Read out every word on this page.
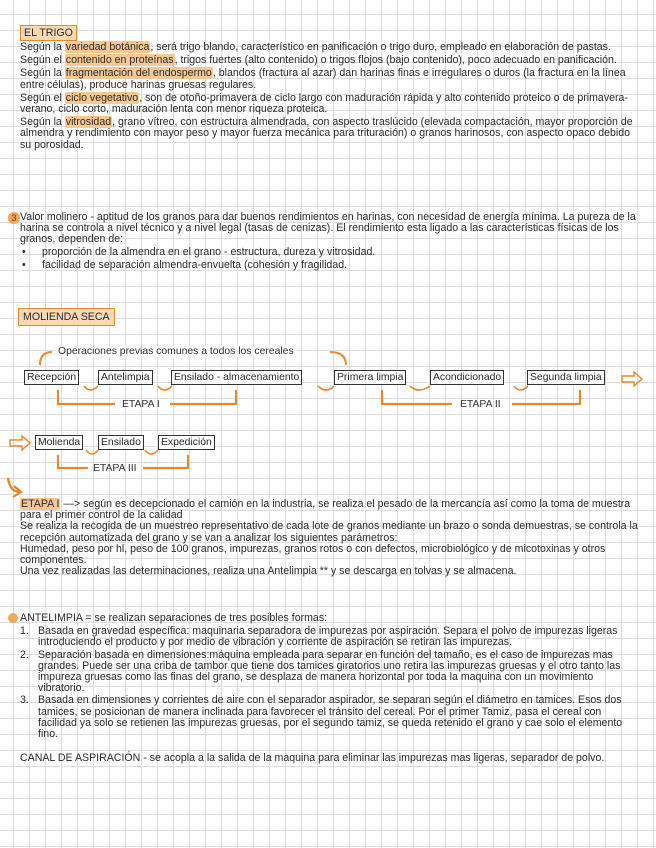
EL TRIGO

Según la variedad botánica, será trigo blando, característico en panificación o trigo duro, empleado en elaboración de pastas.

Según el contenido en proteínas, trigos fuertes (alto contenido) o trigos flojos (bajo contenido), poco adecuado en panificación.

Según la fragmentación del endospermo, blandos (fractura al azar) dan harinas finas e irregulares o duros (la fractura en la línea entre células), produce harinas gruesas regulares.

Según el ciclo vegetativo, son de otoño-primavera de ciclo largo con maduración rápida y alto contenido proteico o de primavera-verano, ciclo corto, maduración lenta con menor riqueza proteica.

Según la vitrosidad, grano vítreo, con estructura almendrada, con aspecto traslúcido (elevada compactación, mayor proporción de almendra y rendimiento con mayor peso y mayor fuerza mecánica para trituración) o granos harinosos, con aspecto opaco debido su porosidad.

3 Valor molinero - aptitud de los granos para dar buenos rendimientos en harinas, con necesidad de energía mínima. La pureza de la harina se controla a nivel técnico y a nivel legal (tasas de cenizas). El rendimiento esta ligado a las características físicas de los granos, dependen de:

• proporción de la almendra en el grano - estructura, dureza y vitrosidad.

• facilidad de separación almendra-envuelta (cohesión y fragilidad.

MOLIENDA SECA
Operaciones previas comunes a todos los cereales
Recepción Antelimpia Ensilado - almacenamiento	Primera limpia	Acondicionado	Segunda limpia
ETAPA I	ETAPA II
Molienda Ensilado Expedición
ETAPA III

ETAPA I —> según es decepcionado el camión en la industria, se realiza el pesado de la mercancía así como la toma de muestra para el primer control de la calidad

Se realiza la recogida de un muestreo representativo de cada lote de granos mediante un brazo o sonda demuestras, se controla la recepción automatizada del grano y se van a analizar los siguientes parámetros:

Humedad, peso por hl, peso de 100 granos, impurezas, granos rotos o con defectos, microbiológico y de micotoxinas y otros componentes.

Una vez realizadas las determinaciones, realiza una Antelimpia ** y se descarga en tolvas y se almacena.

ANTELIMPIA = se realizan separaciones de tres posibles formas:

1. Basada en gravedad específica: maquinaria separadora de impurezas por aspiración. Separa el polvo de impurezas ligeras introduciendo el producto y por medio de vibración y corriente de aspiración se retiran las impurezas.
2. Separación basada en dimensiones:máquina empleada para separar en función del tamaño, es el caso de impurezas mas grandes. Puede ser una criba de tambor que tiene dos tamices giratorios uno retira las impurezas gruesas y el otro tanto las impureza gruesas como las finas del grano, se desplaza de manera horizontal por toda la maquina con un movimiento vibratorio.
3. Basada en dimensiones y corrientes de aire con el separador aspirador, se separan según el diámetro en tamices. Esos dos tamices, se posicionan de manera inclinada para favorecer el tránsito del cereal. Por el primer Tamiz, pasa el cereal con facilidad ya solo se retienen las impurezas gruesas, por el segundo tamiz, se queda retenido el grano y cae solo el elemento fino.

CANAL DE ASPIRACIÓN - se acopla a la salida de la maquina para eliminar las impurezas mas ligeras, separador de polvo.
